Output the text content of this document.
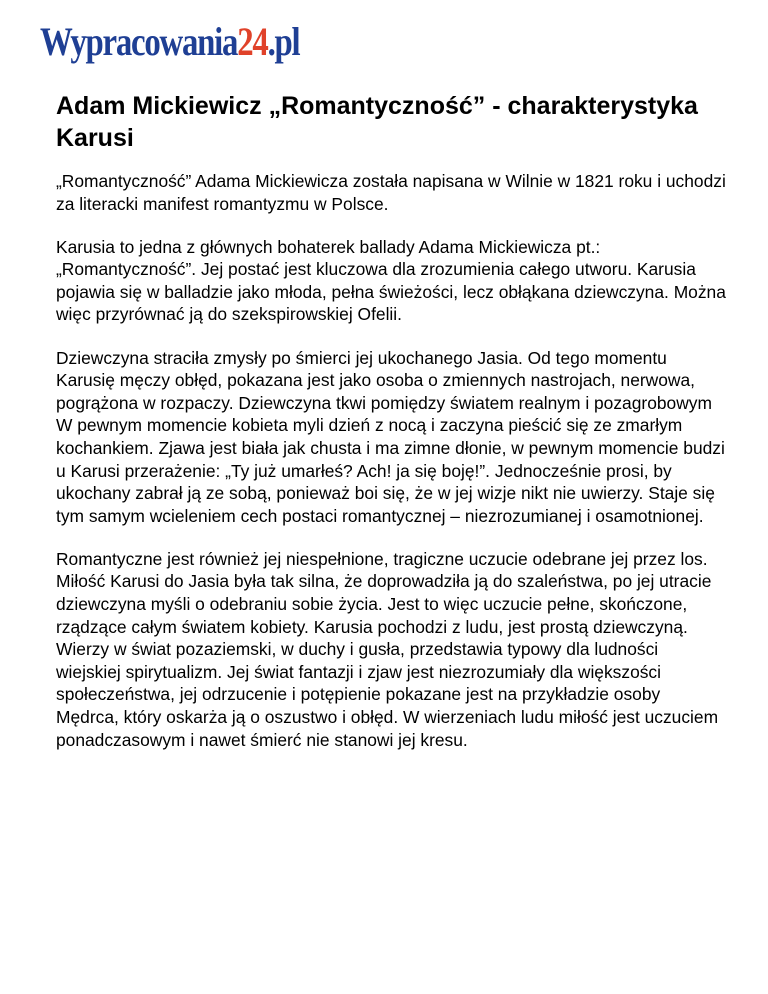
Wypracowania 24 .pl
Adam Mickiewicz „Romantyczność” - charakterystyka Karusi

„Romantyczność” Adama Mickiewicza została napisana w Wilnie w 1821 roku i uchodzi za literacki manifest romantyzmu w Polsce.

Karusia to jedna z głównych bohaterek ballady Adama Mickiewicza pt.: „Romantyczność”. Jej postać jest kluczowa dla zrozumienia całego utworu. Karusia pojawia się w balladzie jako młoda, pełna świeżości, lecz obłąkana dziewczyna. Można więc przyrównać ją do szekspirowskiej Ofelii.

Dziewczyna straciła zmysły po śmierci jej ukochanego Jasia. Od tego momentu Karusię męczy obłęd, pokazana jest jako osoba o zmiennych nastrojach, nerwowa, pogrążona w rozpaczy. Dziewczyna tkwi pomiędzy światem realnym i pozagrobowym W pewnym momencie kobieta myli dzień z nocą i zaczyna pieścić się ze zmarłym kochankiem. Zjawa jest biała jak chusta i ma zimne dłonie, w pewnym momencie budzi u Karusi przerażenie: „Ty już umarłeś? Ach! ja się boję!”. Jednocześnie prosi, by ukochany zabrał ją ze sobą, ponieważ boi się, że w jej wizje nikt nie uwierzy. Staje się tym samym wcieleniem cech postaci romantycznej – niezrozumianej i osamotnionej.

Romantyczne jest również jej niespełnione, tragiczne uczucie odebrane jej przez los. Miłość Karusi do Jasia była tak silna, że doprowadziła ją do szaleństwa, po jej utracie dziewczyna myśli o odebraniu sobie życia. Jest to więc uczucie pełne, skończone, rządzące całym światem kobiety. Karusia pochodzi z ludu, jest prostą dziewczyną. Wierzy w świat pozaziemski, w duchy i gusła, przedstawia typowy dla ludności wiejskiej spirytualizm. Jej świat fantazji i zjaw jest niezrozumiały dla większości społeczeństwa, jej odrzucenie i potępienie pokazane jest na przykładzie osoby Mędrca, który oskarża ją o oszustwo i obłęd. W wierzeniach ludu miłość jest uczuciem ponadczasowym i nawet śmierć nie stanowi jej kresu.
